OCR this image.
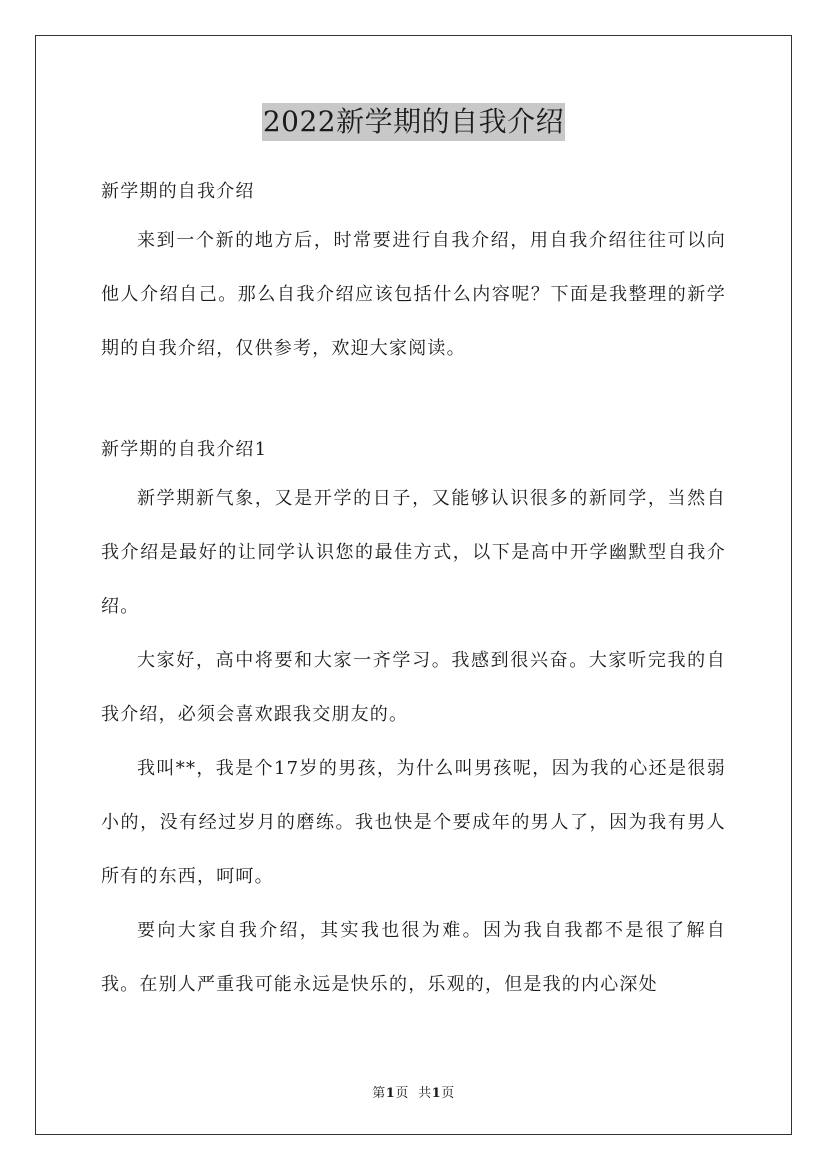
2022新学期的自我介绍

新学期的自我介绍

来到一个新的地方后，时常要进行自我介绍，用自我介绍往往可以向他人介绍自己。那么自我介绍应该包括什么内容呢？下面是我整理的新学期的自我介绍，仅供参考，欢迎大家阅读。

新学期的自我介绍1

新学期新气象，又是开学的日子，又能够认识很多的新同学，当然自我介绍是最好的让同学认识您的最佳方式，以下是高中开学幽默型自我介绍。

大家好，高中将要和大家一齐学习。我感到很兴奋。大家听完我的自我介绍，必须会喜欢跟我交朋友的。

我叫**，我是个17岁的男孩，为什么叫男孩呢，因为我的心还是很弱小的，没有经过岁月的磨练。我也快是个要成年的男人了，因为我有男人所有的东西，呵呵。

要向大家自我介绍，其实我也很为难。因为我自我都不是很了解自我。在别人严重我可能永远是快乐的，乐观的，但是我的内心深处

第1页 共1页
